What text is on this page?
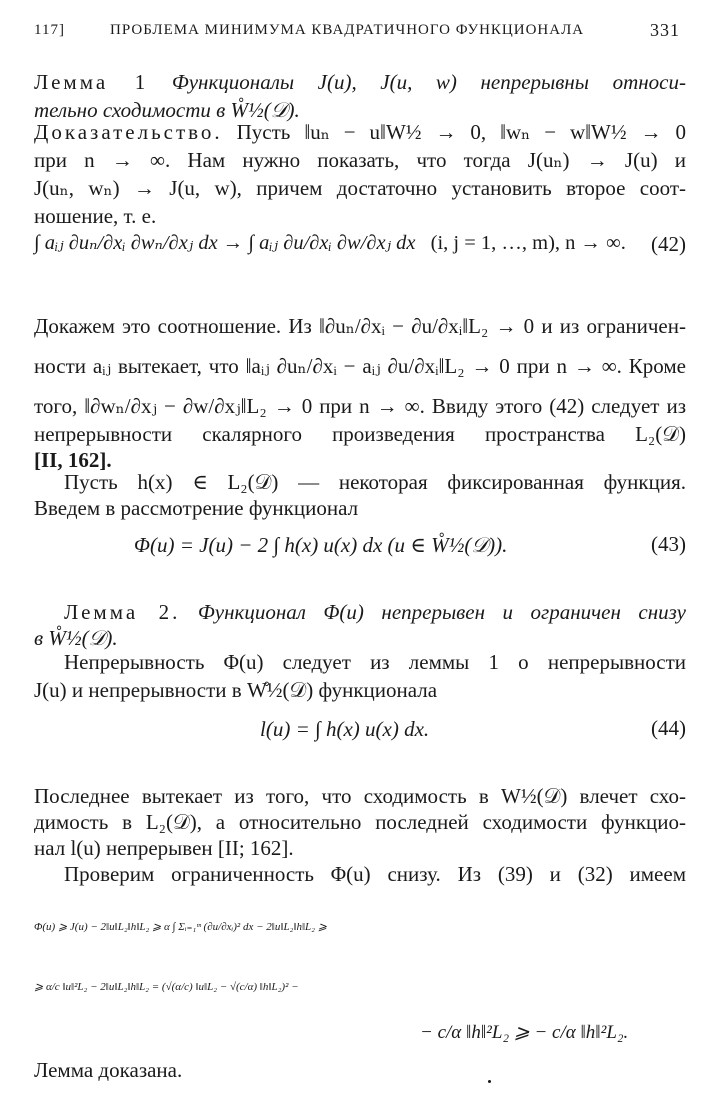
117]	ПРОБЛЕМА МИНИМУМА КВАДРАТИЧНОГО ФУНКЦИОНАЛА	331
Лемма 1 Функционалы J(u), J(u, w) непрерывны относи-
тельно сходимости в W̊½(𝒟).
Доказательство. Пусть ‖uₙ − u‖W½ → 0, ‖wₙ − w‖W½ → 0
при n → ∞. Нам нужно показать, что тогда J(uₙ) → J(u) и
J(uₙ, wₙ) → J(u, w), причем достаточно установить второе соот-
ношение, т. е.
∫ aᵢⱼ ∂uₙ/∂xᵢ ∂wₙ/∂xⱼ dx → ∫ aᵢⱼ ∂u/∂xᵢ ∂w/∂xⱼ dx (i, j = 1, …, m), n → ∞. (42)
Докажем это соотношение. Из ‖∂uₙ/∂xᵢ − ∂u/∂xᵢ‖L₂ → 0 и из ограничен-
ности aᵢⱼ вытекает, что ‖aᵢⱼ ∂uₙ/∂xᵢ − aᵢⱼ ∂u/∂xᵢ‖L₂ → 0 при n → ∞. Кроме
того, ‖∂wₙ/∂xⱼ − ∂w/∂xⱼ‖L₂ → 0 при n → ∞. Ввиду этого (42) следует из
непрерывности скалярного произведения пространства L₂(𝒟)
[II, 162].
Пусть h(x) ∈ L₂(𝒟) — некоторая фиксированная функция.
Введем в рассмотрение функционал
Φ(u) = J(u) − 2 ∫ h(x) u(x) dx (u ∈ W̊½(𝒟)).	(43)
Лемма 2. Функционал Φ(u) непрерывен и ограничен снизу
в W̊½(𝒟).
Непрерывность Φ(u) следует из леммы 1 о непрерывности
J(u) и непрерывности в W̊½(𝒟) функционала
l(u) = ∫ h(x) u(x) dx.	(44)
Последнее вытекает из того, что сходимость в W½(𝒟) влечет схо-
димость в L₂(𝒟), а относительно последней сходимости функцио-
нал l(u) непрерывен [II; 162].
Проверим ограниченность Φ(u) снизу. Из (39) и (32) имеем
Φ(u) ⩾ J(u) − 2‖u‖L₂‖h‖L₂ ⩾ α ∫ Σᵢ₌₁ᵐ (∂u/∂xᵢ)² dx − 2‖u‖L₂‖h‖L₂ ⩾
⩾ α/c ‖u‖²L₂ − 2‖u‖L₂‖h‖L₂ = (√(α/c) ‖u‖L₂ − √(c/α) ‖h‖L₂)² −
− c/α ‖h‖²L₂ ⩾ − c/α ‖h‖²L₂.
Лемма доказана.
